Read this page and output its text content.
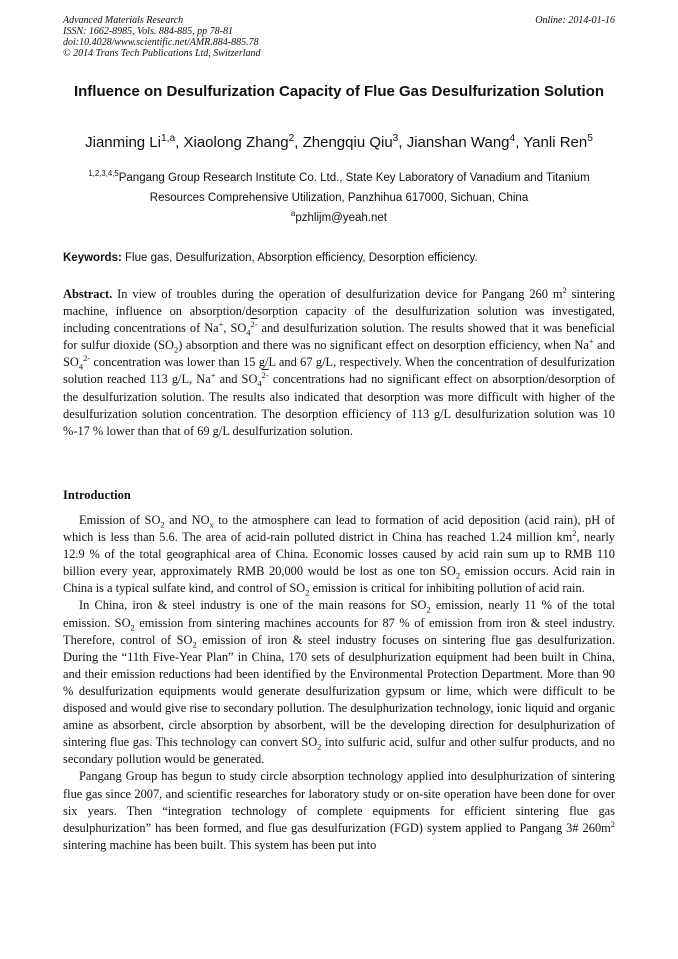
Advanced Materials Research
ISSN: 1662-8985, Vols. 884-885, pp 78-81
doi:10.4028/www.scientific.net/AMR.884-885.78
© 2014 Trans Tech Publications Ltd, Switzerland
Online: 2014-01-16
Influence on Desulfurization Capacity of Flue Gas Desulfurization Solution
Jianming Li$^{1,a}$, Xiaolong Zhang$^2$, Zhengqiu Qiu$^3$, Jianshan Wang$^4$, Yanli Ren$^5$
$^{1,2,3,4,5}$Pangang Group Research Institute Co. Ltd., State Key Laboratory of Vanadium and Titanium
Resources Comprehensive Utilization, Panzhihua 617000, Sichuan, China
$^a$pzhlijm@yeah.net
Keywords: Flue gas, Desulfurization, Absorption efficiency, Desorption efficiency.

Abstract. In view of troubles during the operation of desulfurization device for Pangang 260 $m^2$ sintering machine, influence on absorption/desorption capacity of the desulfurization solution was investigated, including concentrations of Na+, $SO_4^{2-}$ and desulfurization solution. The results showed that it was beneficial for sulfur dioxide $(SO_2)$ absorption and there was no significant effect on desorption efficiency, when Na+ and $SO_4^{2-}$ concentration was lower than 15 g/L and 67 g/L, respectively. When the concentration of desulfurization solution reached 113 g/L, Na+ and $SO_4^{2-}$ concentrations had no significant effect on absorption/desorption of the desulfurization solution. The results also indicated that desorption was more difficult with higher of the desulfurization solution concentration. The desorption efficiency of 113 g/L desulfurization solution was 10 %-17 % lower than that of 69 g/L desulfurization solution.

Introduction

Emission of $SO_2$ and $NO_x$ to the atmosphere can lead to formation of acid deposition (acid rain), pH of which is less than 5.6. The area of acid-rain polluted district in China has reached 1.24 million $km^2$, nearly 12.9 % of the total geographical area of China. Economic losses caused by acid rain sum up to RMB 110 billion every year, approximately RMB 20,000 would be lost as one ton $SO_2$ emission occurs. Acid rain in China is a typical sulfate kind, and control of $SO_2$ emission is critical for inhibiting pollution of acid rain.

In China, iron & steel industry is one of the main reasons for $SO_2$ emission, nearly 11 % of the total emission. $SO_2$ emission from sintering machines accounts for 87 % of emission from iron & steel industry. Therefore, control of $SO_2$ emission of iron & steel industry focuses on sintering flue gas desulfurization. During the “11th Five-Year Plan” in China, 170 sets of desulphurization equipment had been built in China, and their emission reductions had been identified by the Environmental Protection Department. More than 90 % desulfurization equipments would generate desulfurization gypsum or lime, which were difficult to be disposed and would give rise to secondary pollution. The desulphurization technology, ionic liquid and organic amine as absorbent, circle absorption by absorbent, will be the developing direction for desulphurization of sintering flue gas. This technology can convert $SO_2$ into sulfuric acid, sulfur and other sulfur products, and no secondary pollution would be generated.

Pangang Group has begun to study circle absorption technology applied into desulphurization of sintering flue gas since 2007, and scientific researches for laboratory study or on-site operation have been done for over six years. Then “integration technology of complete equipments for efficient sintering flue gas desulphurization” has been formed, and flue gas desulfurization (FGD) system applied to Pangang 3# $260m^2$ sintering machine has been built. This system has been put into
